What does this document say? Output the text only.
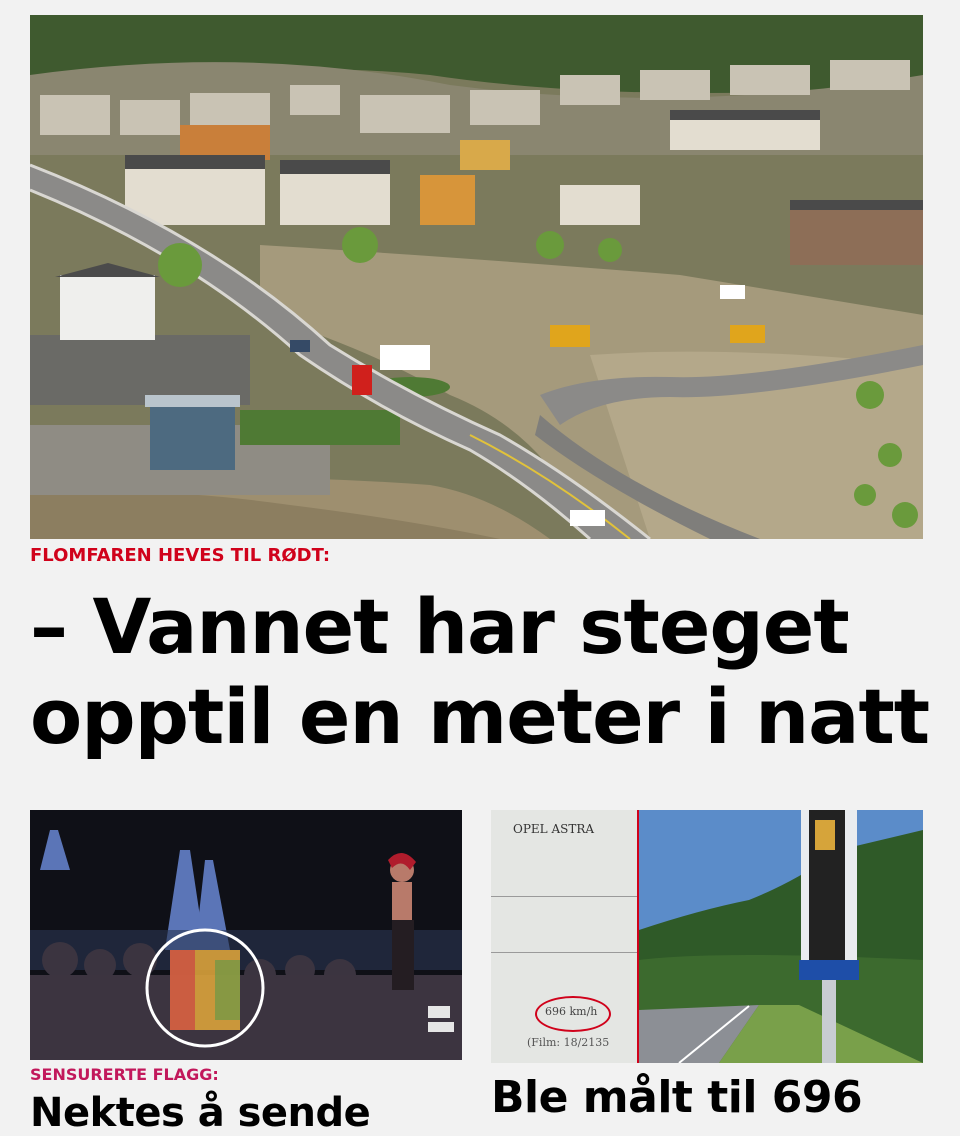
FLOMFAREN HEVES TIL RØDT:
– Vannet har steget
opptil en meter i natt
SENSURERTE FLAGG:
Nektes å sende
OPEL ASTRA
696 km/h
(Film: 18/2135
Ble målt til 696
